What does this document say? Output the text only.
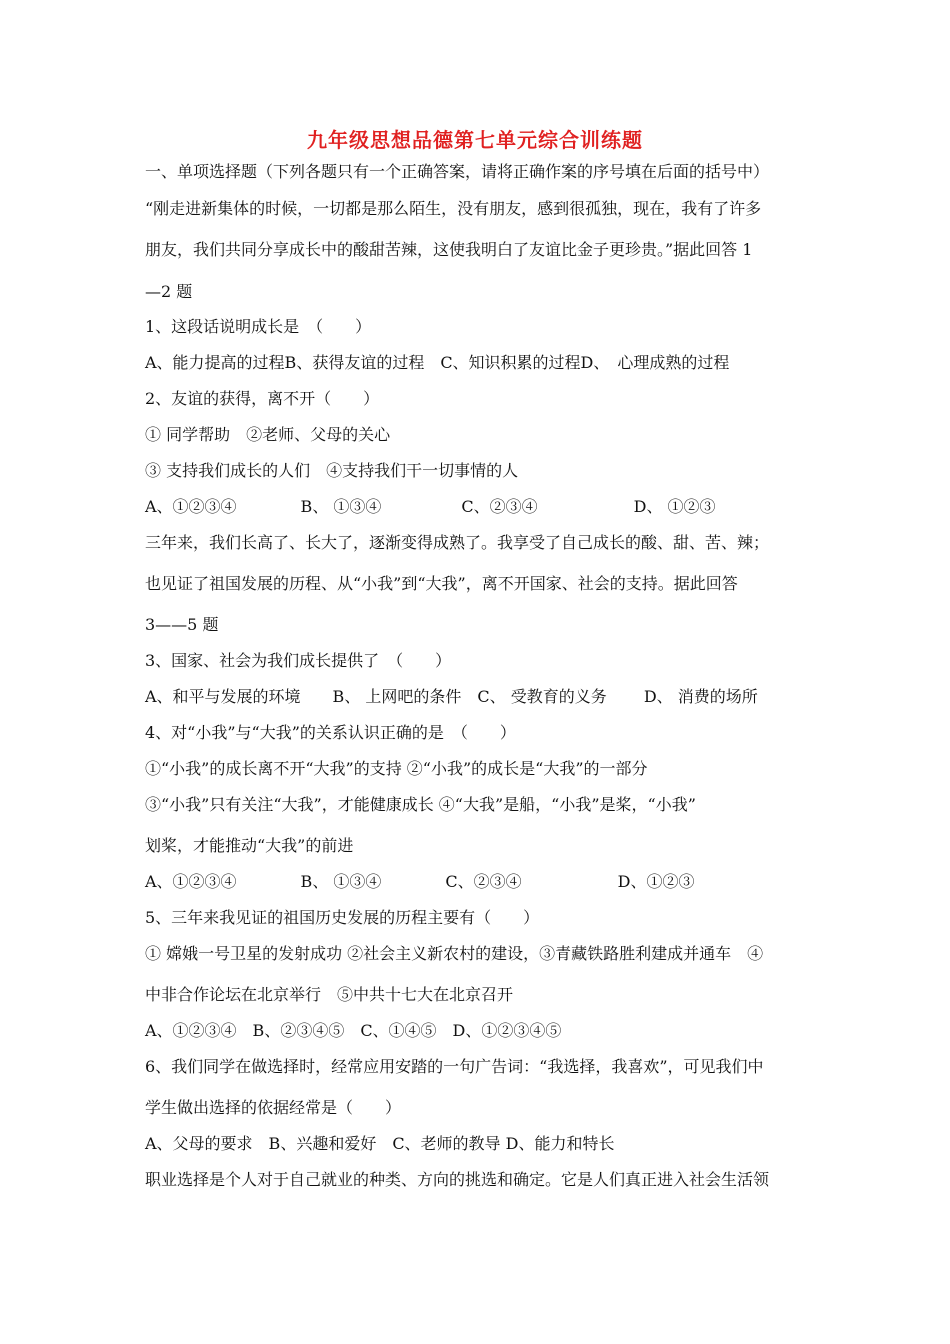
九年级思想品德第七单元综合训练题
一、单项选择题（下列各题只有一个正确答案，请将正确作案的序号填在后面的括号中）
“刚走进新集体的时候，一切都是那么陌生，没有朋友，感到很孤独，现在，我有了许多
朋友，我们共同分享成长中的酸甜苦辣，这使我明白了友谊比金子更珍贵。”据此回答 1
—2 题
1、这段话说明成长是　（　　）
A、能力提高的过程B、获得友谊的过程　C、知识积累的过程D、　心理成熟的过程
2、友谊的获得，离不开（　　）
① 同学帮助　②老师、父母的关心
③ 支持我们成长的人们　④支持我们干一切事情的人
A、①②③④　　　　B、 ①③④　　　　　C、②③④　　　　　　D、 ①②③
三年来，我们长高了、长大了，逐渐变得成熟了。我享受了自己成长的酸、甜、苦、辣；
也见证了祖国发展的历程、从“小我”到“大我”，离不开国家、社会的支持。据此回答
3——5 题
3、国家、社会为我们成长提供了　（　　）
A、和平与发展的环境　　B、 上网吧的条件　C、 受教育的义务　　 D、 消费的场所
4、对“小我”与“大我”的关系认识正确的是　（　　）
①“小我”的成长离不开“大我”的支持 ②“小我”的成长是“大我”的一部分
③“小我”只有关注“大我”，才能健康成长 ④“大我”是船，“小我”是桨，“小我”
划桨，才能推动“大我”的前进
A、①②③④　　　　B、 ①③④　　　　C、②③④　　　　　　D、①②③
5、三年来我见证的祖国历史发展的历程主要有（　　）
① 嫦娥一号卫星的发射成功 ②社会主义新农村的建设，③青藏铁路胜利建成并通车　④
中非合作论坛在北京举行　⑤中共十七大在北京召开
A、①②③④　B、②③④⑤　C、①④⑤　D、①②③④⑤
6、我们同学在做选择时，经常应用安踏的一句广告词：“我选择，我喜欢”，可见我们中
学生做出选择的依据经常是（　　）
A、父母的要求　B、兴趣和爱好　C、老师的教导 D、能力和特长
职业选择是个人对于自己就业的种类、方向的挑选和确定。它是人们真正进入社会生活领
